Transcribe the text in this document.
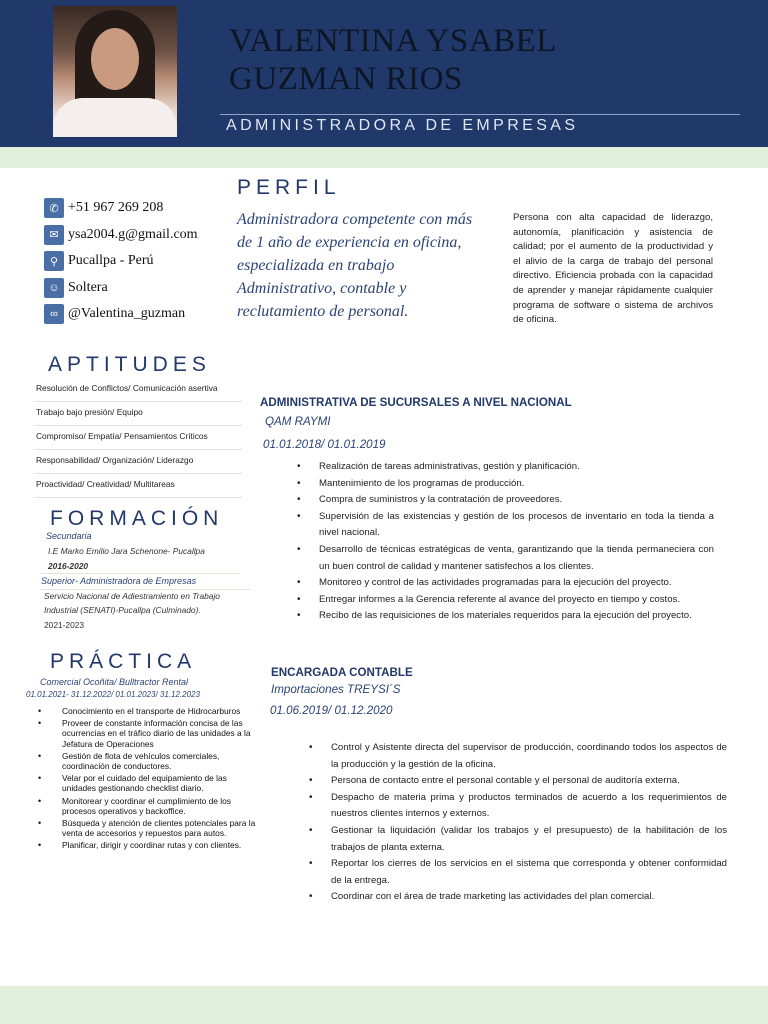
VALENTINA YSABEL
GUZMAN RIOS
ADMINISTRADORA DE EMPRESAS
✆ +51 967 269 208
✉ ysa2004.g@gmail.com
⚲ Pucallpa - Perú
☺ Soltera
∞ @Valentina_guzman
PERFIL
Administradora competente con más de 1 año de experiencia en oficina, especializada en trabajo Administrativo, contable y reclutamiento de personal.
Persona con alta capacidad de liderazgo, autonomía, planificación y asistencia de calidad; por el aumento de la productividad y el alivio de la carga de trabajo del personal directivo. Eficiencia probada con la capacidad de aprender y manejar rápidamente cualquier programa de software o sistema de archivos de oficina.
APTITUDES
Resolución de Conflictos/ Comunicación asertiva
Trabajo bajo presión/ Equipo
Compromiso/ Empatía/ Pensamientos Críticos
Responsabilidad/ Organización/ Liderazgo
Proactividad/ Creatividad/ Multitareas
FORMACIÓN
Secundaria
I.E Marko Emilio Jara Schenone- Pucallpa
2016-2020
Superior- Administradora de Empresas
Servicio Nacional de Adiestramiento en Trabajo
Industrial (SENATI)-Pucallpa (Culminado).
2021-2023
PRÁCTICA
Comercial Ocoñita/ Bulltractor Rental
01.01.2021- 31.12.2022/ 01.01.2023/ 31.12.2023
• Conocimiento en el transporte de Hidrocarburos
• Proveer de constante información concisa de las ocurrencias en el tráfico diario de las unidades a la Jefatura de Operaciones
• Gestión de flota de vehículos comerciales, coordinación de conductores.
• Velar por el cuidado del equipamiento de las unidades gestionando checklist diario.
• Monitorear y coordinar el cumplimiento de los procesos operativos y backoffice.
• Búsqueda y atención de clientes potenciales para la venta de accesorios y repuestos para autos.
• Planificar, dirigir y coordinar rutas y con clientes.
ADMINISTRATIVA DE SUCURSALES A NIVEL NACIONAL
QAM RAYMI
01.01.2018/ 01.01.2019
• Realización de tareas administrativas, gestión y planificación.
• Mantenimiento de los programas de producción.
• Compra de suministros y la contratación de proveedores.
• Supervisión de las existencias y gestión de los procesos de inventario en toda la tienda a nivel nacional.
• Desarrollo de técnicas estratégicas de venta, garantizando que la tienda permaneciera con un buen control de calidad y mantener satisfechos a los clientes.
• Monitoreo y control de las actividades programadas para la ejecución del proyecto.
• Entregar informes a la Gerencia referente al avance del proyecto en tiempo y costos.
• Recibo de las requisiciones de los materiales requeridos para la ejecución del proyecto.
ENCARGADA CONTABLE
Importaciones TREYSI´S
01.06.2019/ 01.12.2020
• Control y Asistente directa del supervisor de producción, coordinando todos los aspectos de la producción y la gestión de la oficina.
• Persona de contacto entre el personal contable y el personal de auditoría externa.
• Despacho de materia prima y productos terminados de acuerdo a los requerimientos de nuestros clientes internos y externos.
• Gestionar la liquidación (validar los trabajos y el presupuesto) de la habilitación de los trabajos de planta externa.
• Reportar los cierres de los servicios en el sistema que corresponda y obtener conformidad de la entrega.
• Coordinar con el área de trade marketing las actividades del plan comercial.
